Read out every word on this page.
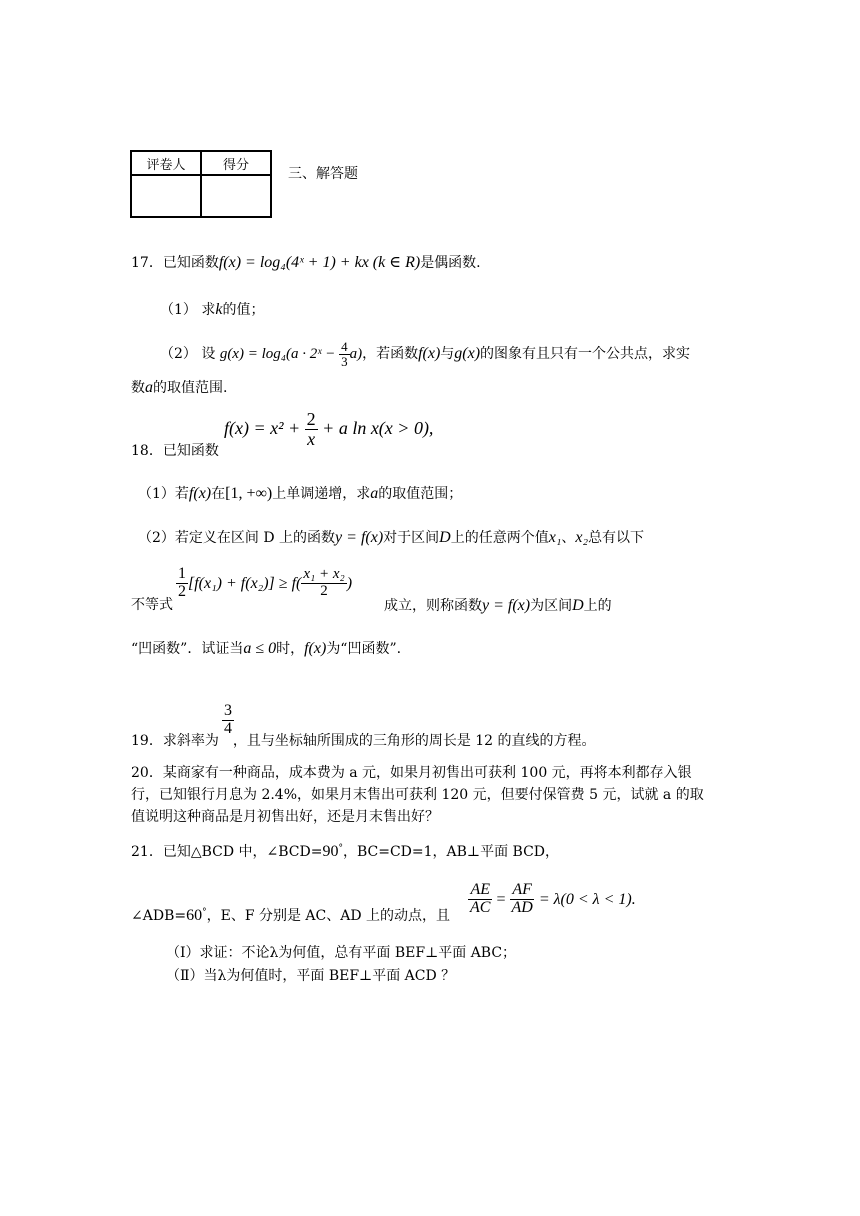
评卷人	得分

三、解答题
17．已知函数f(x) = log₄(4ˣ + 1) + kx (k ∈ R)是偶函数.
（1） 求k的值；
（2） 设 g(x) = log₄(a · 2ˣ − $\frac{4}{3} a$)，若函数f(x)与g(x)的图象有且只有一个公共点，求实
数a的取值范围.
18．已知函数
$f(x) = x^2 + \frac{2}{x} + a$ ln x(x > 0),
（1）若f(x)在[1, +∞)上单调递增，求a的取值范围；
（2）若定义在区间 D 上的函数y = f(x)对于区间D上的任意两个值x₁、x₂总有以下
不等式
$\frac{1}{2} [f(x_1) + f(x_2)] \ge f( \frac{\text{x₁ + x₂}}{2}$ )
成立，则称函数y = f(x)为区间D上的
“凹函数”．试证当a ≤ 0时，f(x)为“凹函数”.
$\frac{3}{4}$
19．求斜率为 ，且与坐标轴所围成的三角形的周长是 12 的直线的方程。
20．某商家有一种商品，成本费为 a 元，如果月初售出可获利 100 元，再将本利都存入银
行，已知银行月息为 2.4%，如果月末售出可获利 120 元，但要付保管费 5 元，试就 a 的取
值说明这种商品是月初售出好，还是月末售出好？
21．已知△BCD 中，∠BCD=90°，BC=CD=1，AB⊥平面 BCD，
∠ADB=60°，E、F 分别是 AC、AD 上的动点，且 $\frac{AE}{AC} = \frac{AF}{AD} = \lambda(0 < \lambda < 1)$.
（Ⅰ）求证：不论λ为何值，总有平面 BEF⊥平面 ABC；
（Ⅱ）当λ为何值时，平面 BEF⊥平面 ACD ？
